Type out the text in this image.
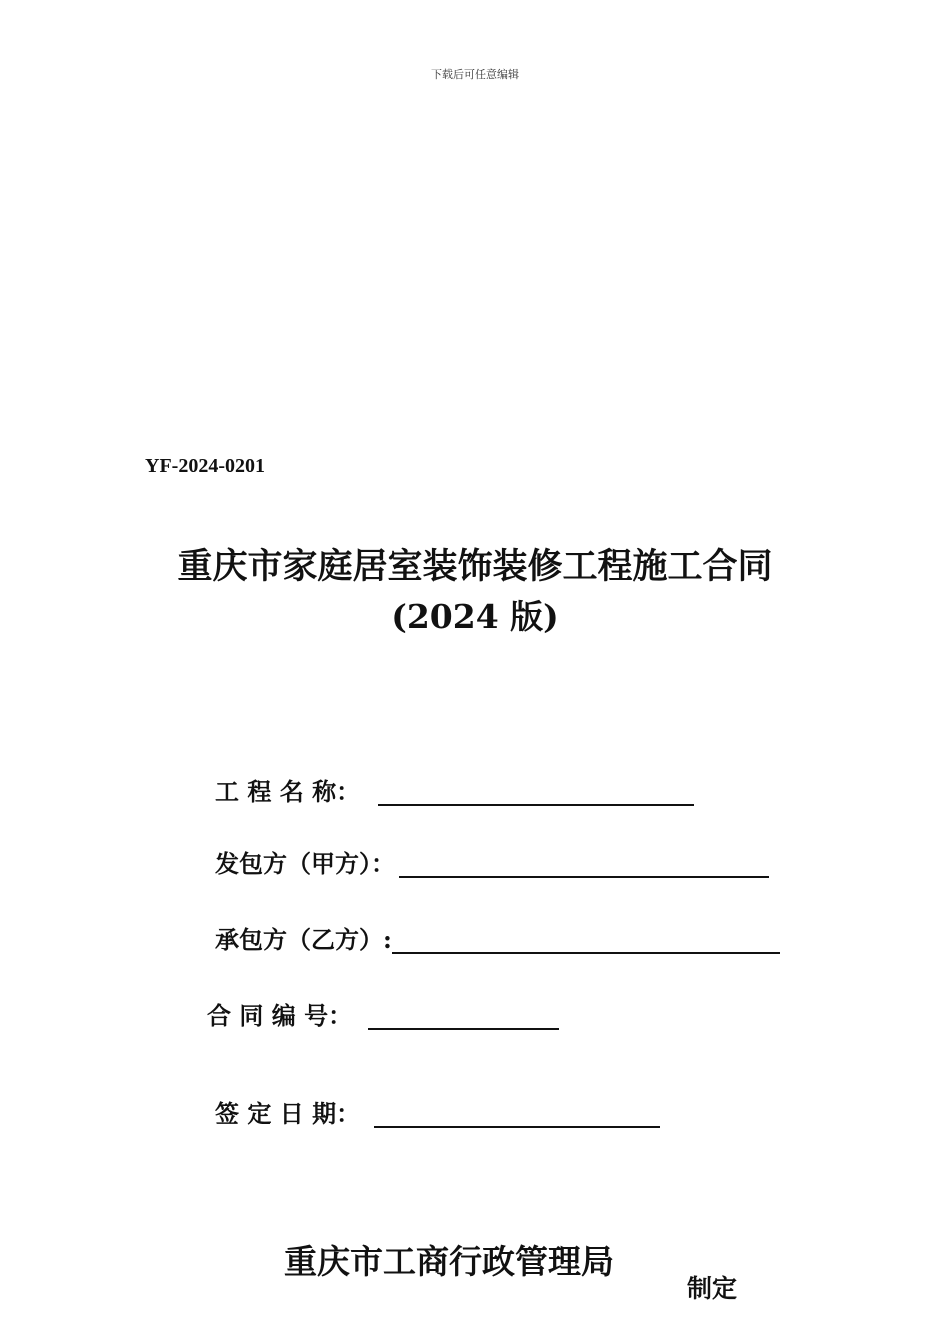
下载后可任意编辑
YF-2024-0201
重庆市家庭居室装饰装修工程施工合同
(2024 版)
工 程 名 称：
发包方（甲方）：
承包方（乙方）:
合 同 编 号：
签 定 日 期：
重庆市工商行政管理局
制定
